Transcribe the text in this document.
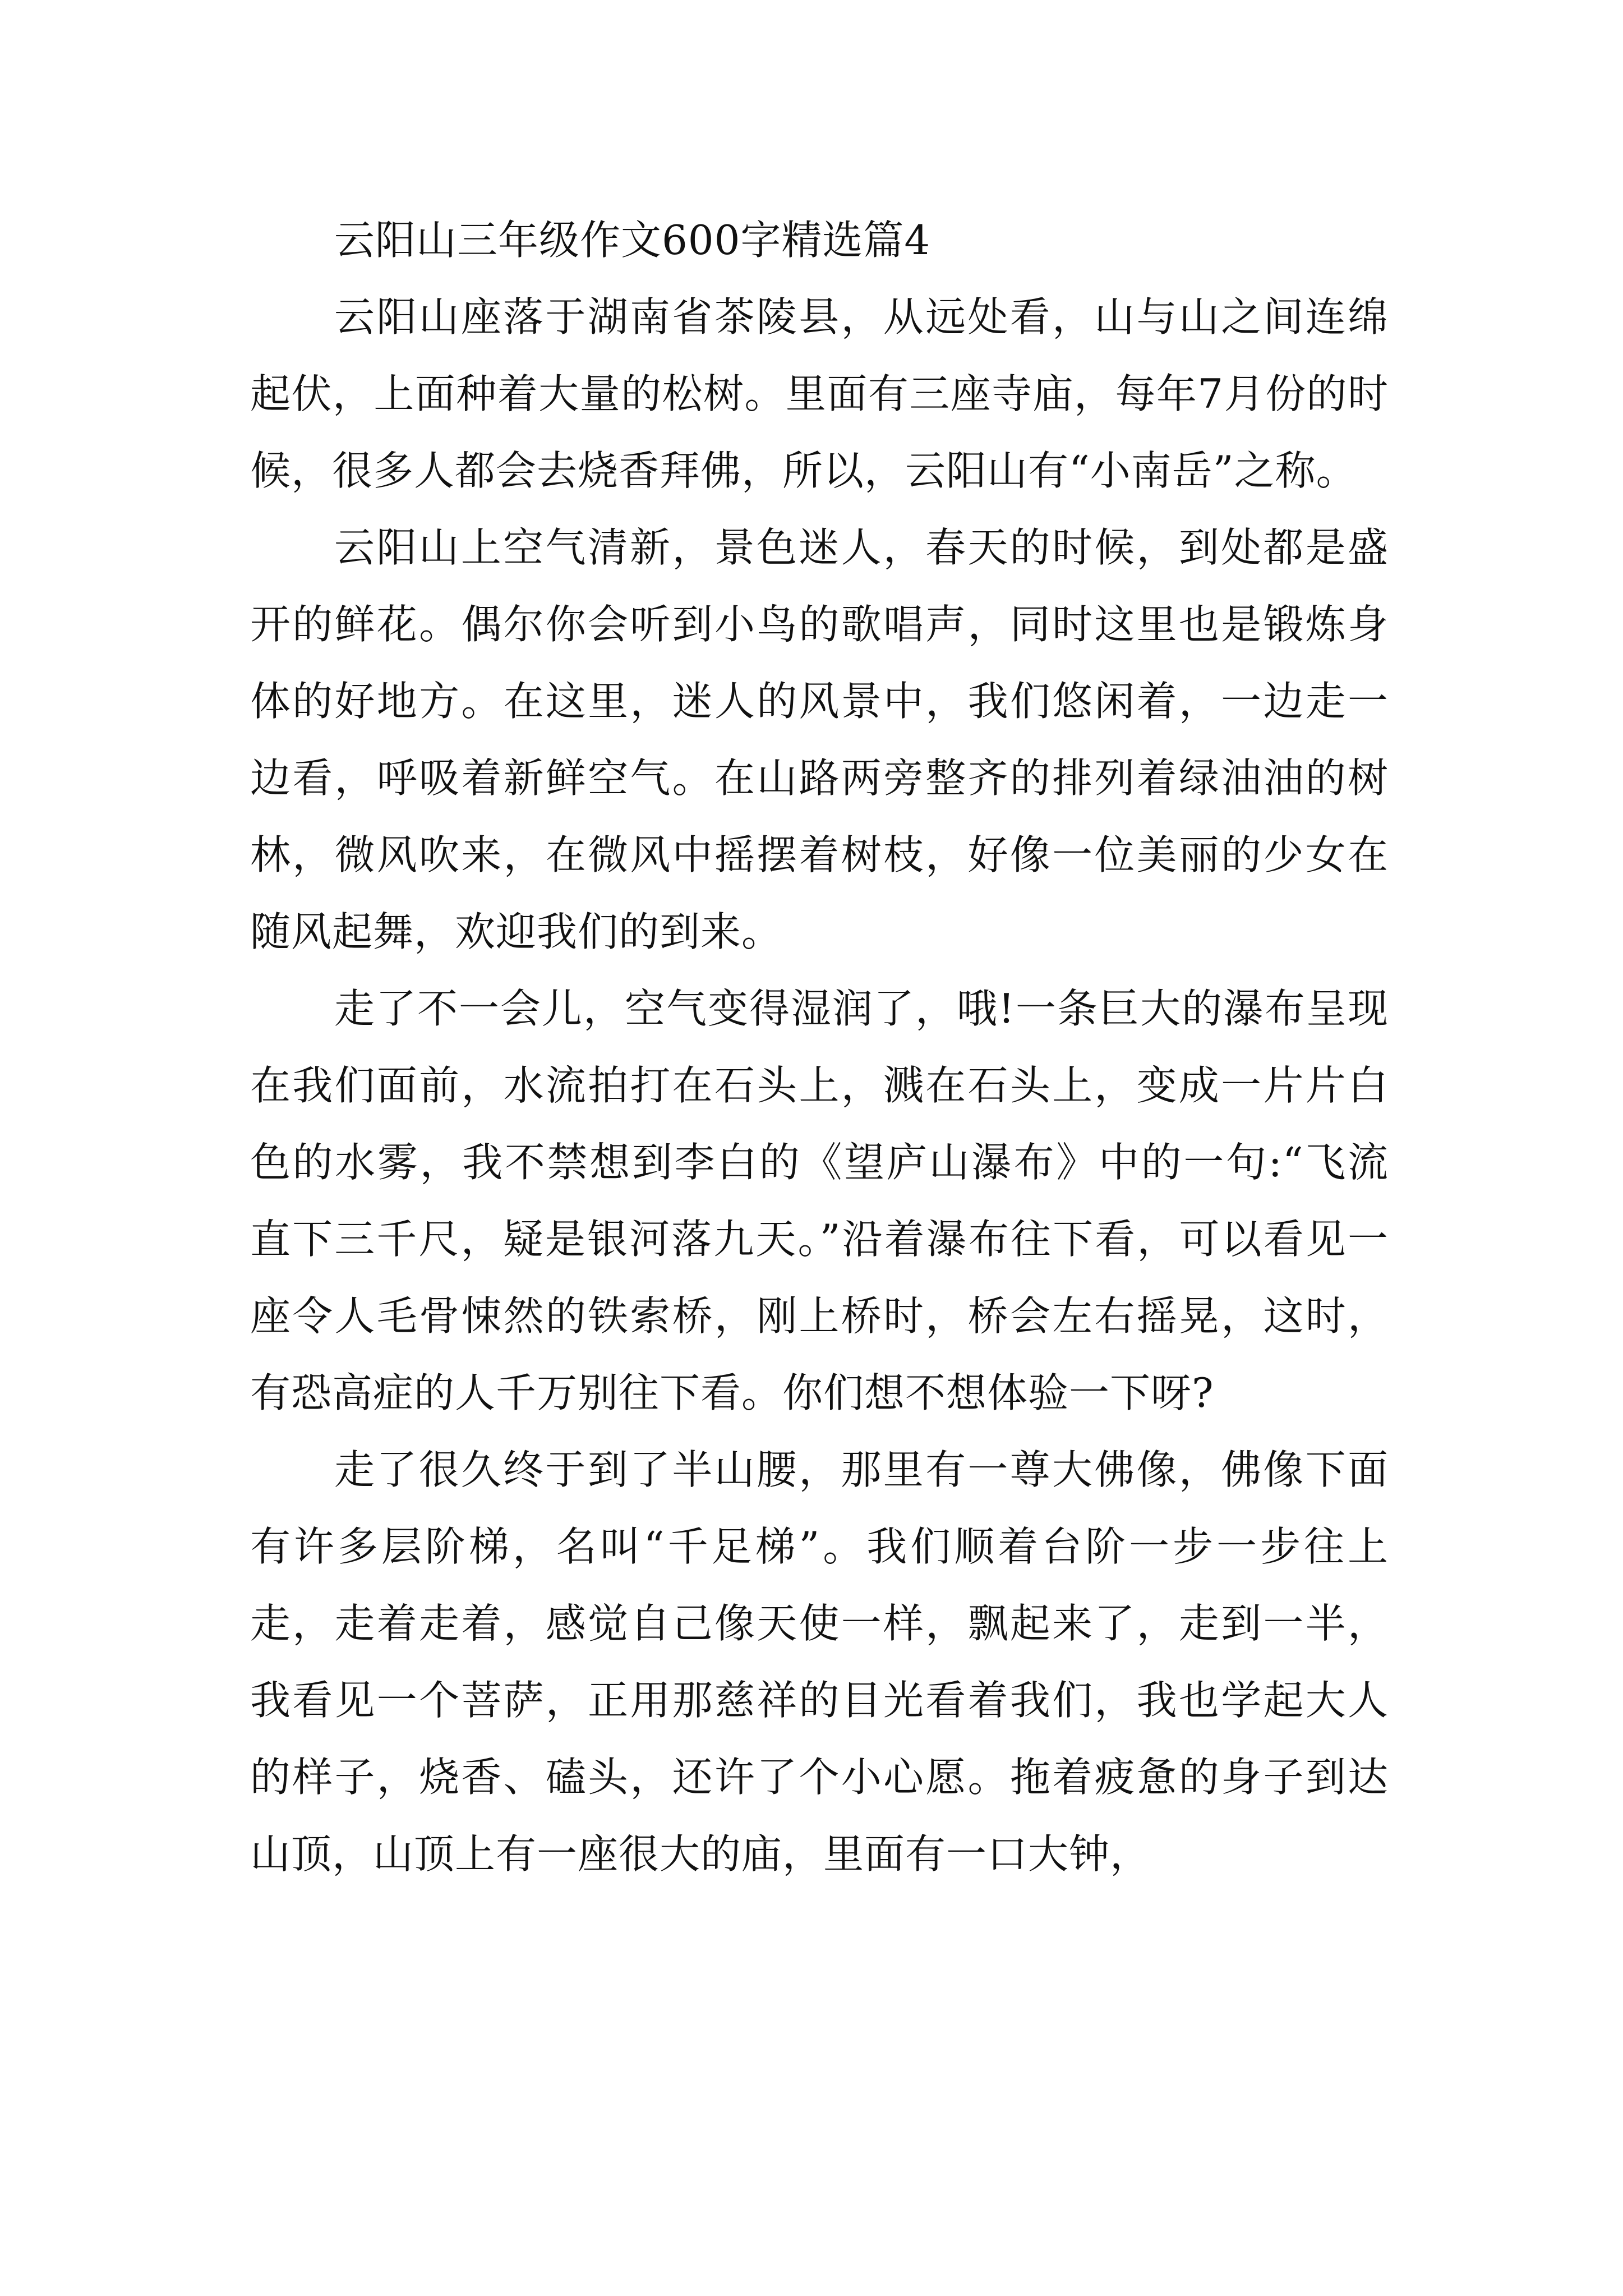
云阳山三年级作文600字精选篇4

云阳山座落于湖南省茶陵县，从远处看，山与山之间连绵起伏，上面种着大量的松树。里面有三座寺庙，每年7月份的时候，很多人都会去烧香拜佛，所以，云阳山有“小南岳”之称。

云阳山上空气清新，景色迷人，春天的时候，到处都是盛开的鲜花。偶尔你会听到小鸟的歌唱声，同时这里也是锻炼身体的好地方。在这里，迷人的风景中，我们悠闲着，一边走一边看，呼吸着新鲜空气。在山路两旁整齐的排列着绿油油的树林，微风吹来，在微风中摇摆着树枝，好像一位美丽的少女在随风起舞，欢迎我们的到来。

走了不一会儿，空气变得湿润了，哦!一条巨大的瀑布呈现在我们面前，水流拍打在石头上，溅在石头上，变成一片片白色的水雾，我不禁想到李白的《望庐山瀑布》中的一句:“飞流直下三千尺，疑是银河落九天。”沿着瀑布往下看，可以看见一座令人毛骨悚然的铁索桥，刚上桥时，桥会左右摇晃，这时，有恐高症的人千万别往下看。你们想不想体验一下呀?

走了很久终于到了半山腰，那里有一尊大佛像，佛像下面有许多层阶梯，名叫“千足梯”。我们顺着台阶一步一步往上走，走着走着，感觉自己像天使一样，飘起来了，走到一半，我看见一个菩萨，正用那慈祥的目光看着我们，我也学起大人的样子，烧香、磕头，还许了个小心愿。拖着疲惫的身子到达山顶，山顶上有一座很大的庙，里面有一口大钟，
